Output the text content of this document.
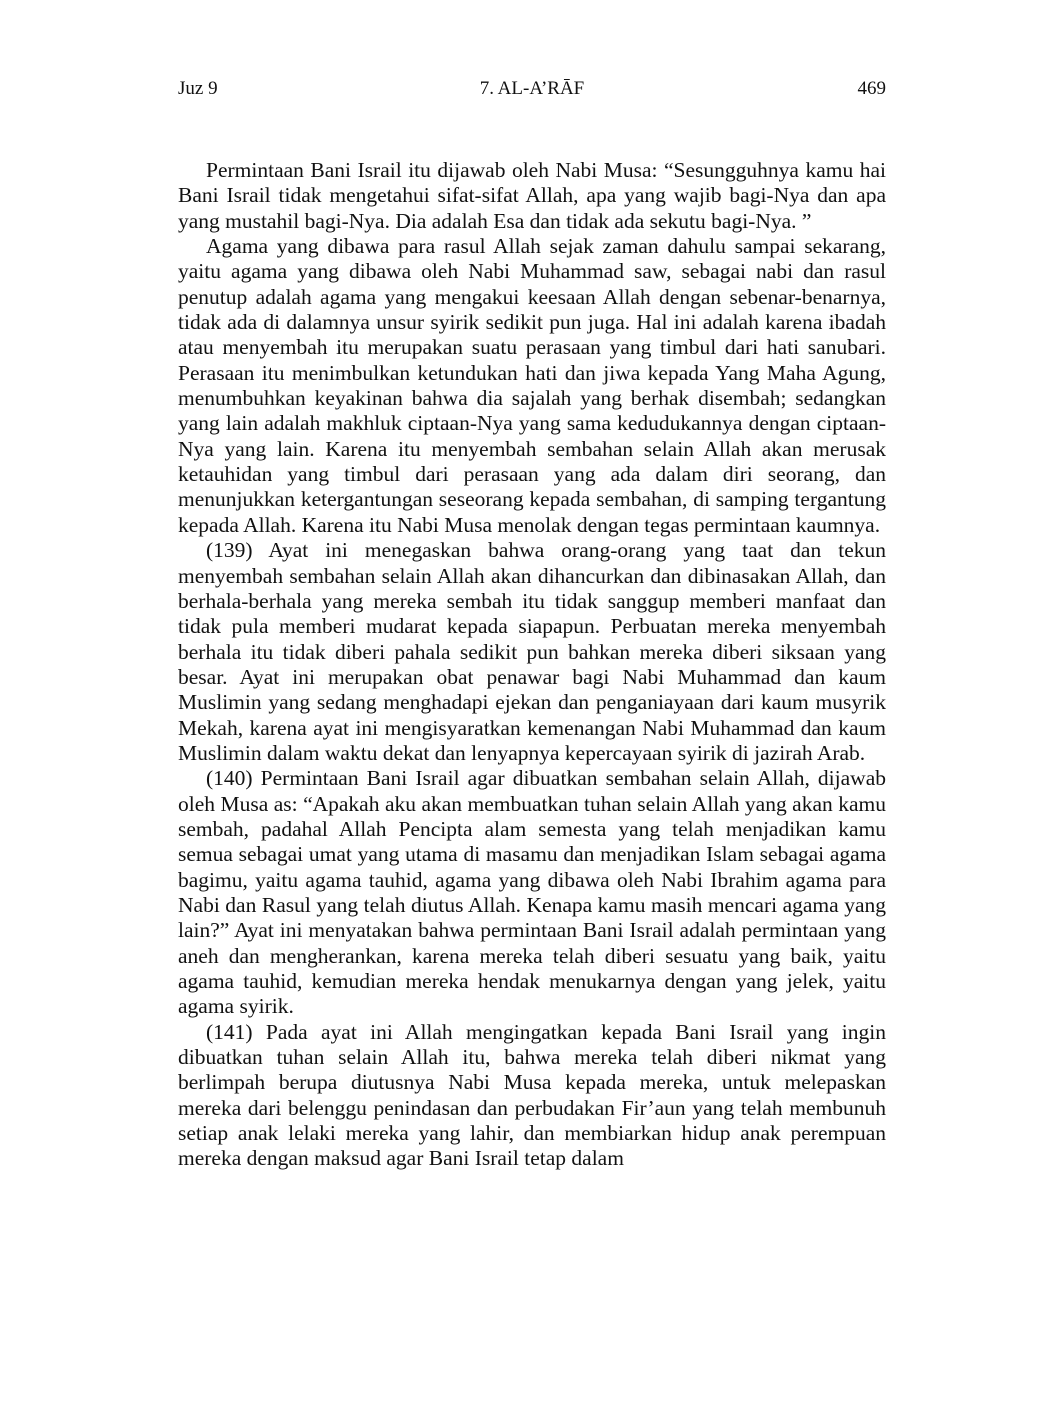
Juz 9	7. AL-A’RĀF	469

Permintaan Bani Israil itu dijawab oleh Nabi Musa: “Sesungguhnya kamu hai Bani Israil tidak mengetahui sifat-sifat Allah, apa yang wajib bagi-Nya dan apa yang mustahil bagi-Nya. Dia adalah Esa dan tidak ada sekutu bagi-Nya. ”

Agama yang dibawa para rasul Allah sejak zaman dahulu sampai sekarang, yaitu agama yang dibawa oleh Nabi Muhammad saw, sebagai nabi dan rasul penutup adalah agama yang mengakui keesaan Allah dengan sebenar-benarnya, tidak ada di dalamnya unsur syirik sedikit pun juga. Hal ini adalah karena ibadah atau menyembah itu merupakan suatu perasaan yang timbul dari hati sanubari. Perasaan itu menimbulkan ketundukan hati dan jiwa kepada Yang Maha Agung, menumbuhkan keyakinan bahwa dia sajalah yang berhak disembah; sedangkan yang lain adalah makhluk ciptaan-Nya yang sama kedudukannya dengan ciptaan-Nya yang lain. Karena itu menyembah sembahan selain Allah akan merusak ketauhidan yang timbul dari perasaan yang ada dalam diri seorang, dan menunjukkan ketergantungan seseorang kepada sembahan, di samping tergantung kepada Allah. Karena itu Nabi Musa menolak dengan tegas permintaan kaumnya.

(139) Ayat ini menegaskan bahwa orang-orang yang taat dan tekun menyembah sembahan selain Allah akan dihancurkan dan dibinasakan Allah, dan berhala-berhala yang mereka sembah itu tidak sanggup memberi manfaat dan tidak pula memberi mudarat kepada siapapun. Perbuatan mereka menyembah berhala itu tidak diberi pahala sedikit pun bahkan mereka diberi siksaan yang besar. Ayat ini merupakan obat penawar bagi Nabi Muhammad dan kaum Muslimin yang sedang menghadapi ejekan dan penganiayaan dari kaum musyrik Mekah, karena ayat ini mengisyaratkan kemenangan Nabi Muhammad dan kaum Muslimin dalam waktu dekat dan lenyapnya kepercayaan syirik di jazirah Arab.

(140) Permintaan Bani Israil agar dibuatkan sembahan selain Allah, dijawab oleh Musa as: “Apakah aku akan membuatkan tuhan selain Allah yang akan kamu sembah, padahal Allah Pencipta alam semesta yang telah menjadikan kamu semua sebagai umat yang utama di masamu dan menjadikan Islam sebagai agama bagimu, yaitu agama tauhid, agama yang dibawa oleh Nabi Ibrahim agama para Nabi dan Rasul yang telah diutus Allah. Kenapa kamu masih mencari agama yang lain?” Ayat ini menyatakan bahwa permintaan Bani Israil adalah permintaan yang aneh dan mengherankan, karena mereka telah diberi sesuatu yang baik, yaitu agama tauhid, kemudian mereka hendak menukarnya dengan yang jelek, yaitu agama syirik.

(141) Pada ayat ini Allah mengingatkan kepada Bani Israil yang ingin dibuatkan tuhan selain Allah itu, bahwa mereka telah diberi nikmat yang berlimpah berupa diutusnya Nabi Musa kepada mereka, untuk melepaskan mereka dari belenggu penindasan dan perbudakan Fir’aun yang telah membunuh setiap anak lelaki mereka yang lahir, dan membiarkan hidup anak perempuan mereka dengan maksud agar Bani Israil tetap dalam
